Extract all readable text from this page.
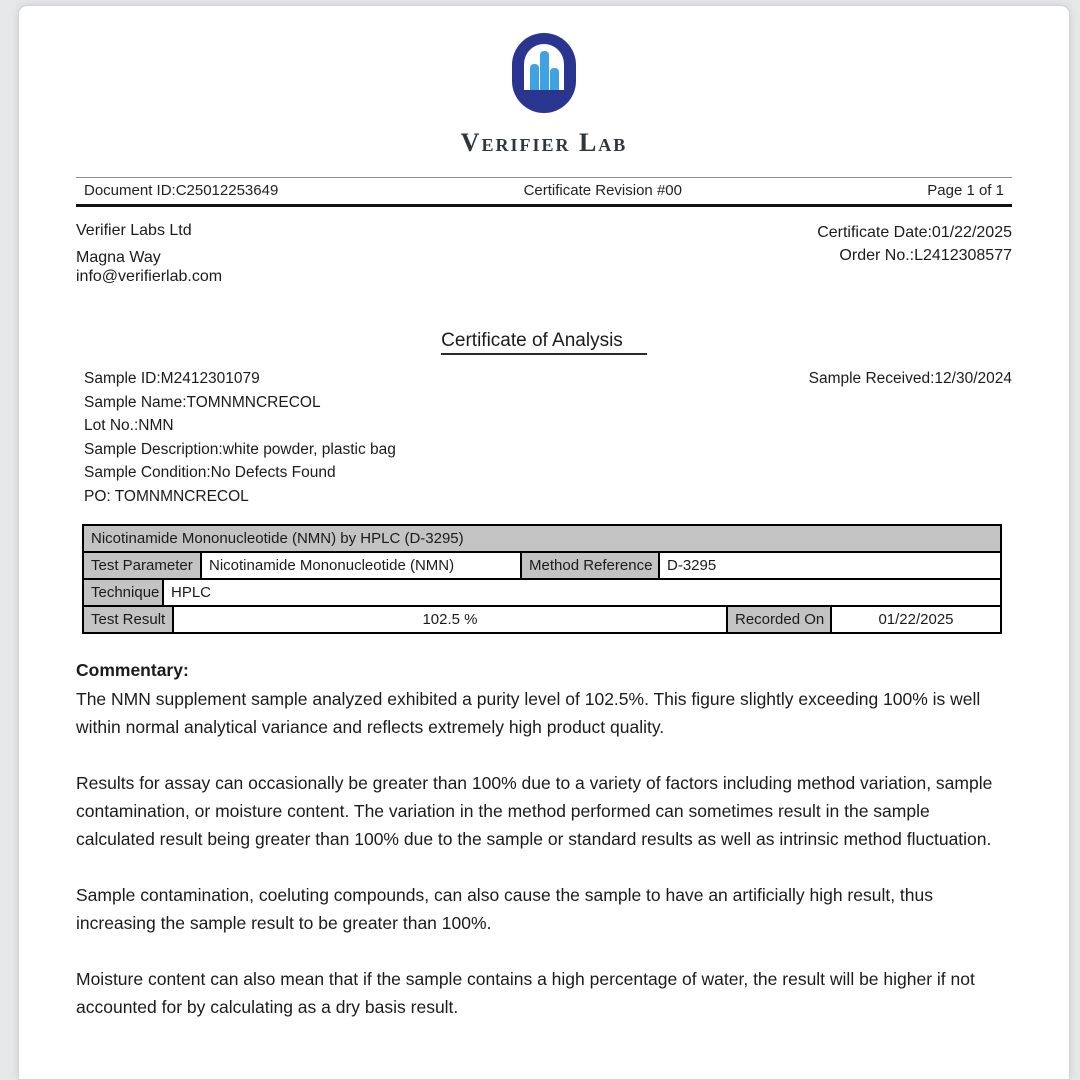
Verifier Lab
Document ID:C25012253649	Certificate Revision #00	Page 1 of 1
Verifier Labs Ltd
Magna Way
info@verifierlab.com
Certificate Date:01/22/2025
Order No.:L2412308577
Certificate of Analysis
Sample ID:M2412301079	Sample Received:12/30/2024
Sample Name:TOMNMNCRECOL
Lot No.:NMN
Sample Description:white powder, plastic bag
Sample Condition:No Defects Found
PO: TOMNMNCRECOL
Nicotinamide Mononucleotide (NMN) by HPLC (D-3295)
Test Parameter	Nicotinamide Mononucleotide (NMN)	Method Reference D-3295
Technique HPLC
Test Result	102.5 %	Recorded On	01/22/2025
Commentary:

The NMN supplement sample analyzed exhibited a purity level of 102.5%. This figure slightly exceeding 100% is well within normal analytical variance and reflects extremely high product quality.

Results for assay can occasionally be greater than 100% due to a variety of factors including method variation, sample contamination, or moisture content. The variation in the method performed can sometimes result in the sample calculated result being greater than 100% due to the sample or standard results as well as intrinsic method fluctuation.

Sample contamination, coeluting compounds, can also cause the sample to have an artificially high result, thus increasing the sample result to be greater than 100%.

Moisture content can also mean that if the sample contains a high percentage of water, the result will be higher if not accounted for by calculating as a dry basis result.
